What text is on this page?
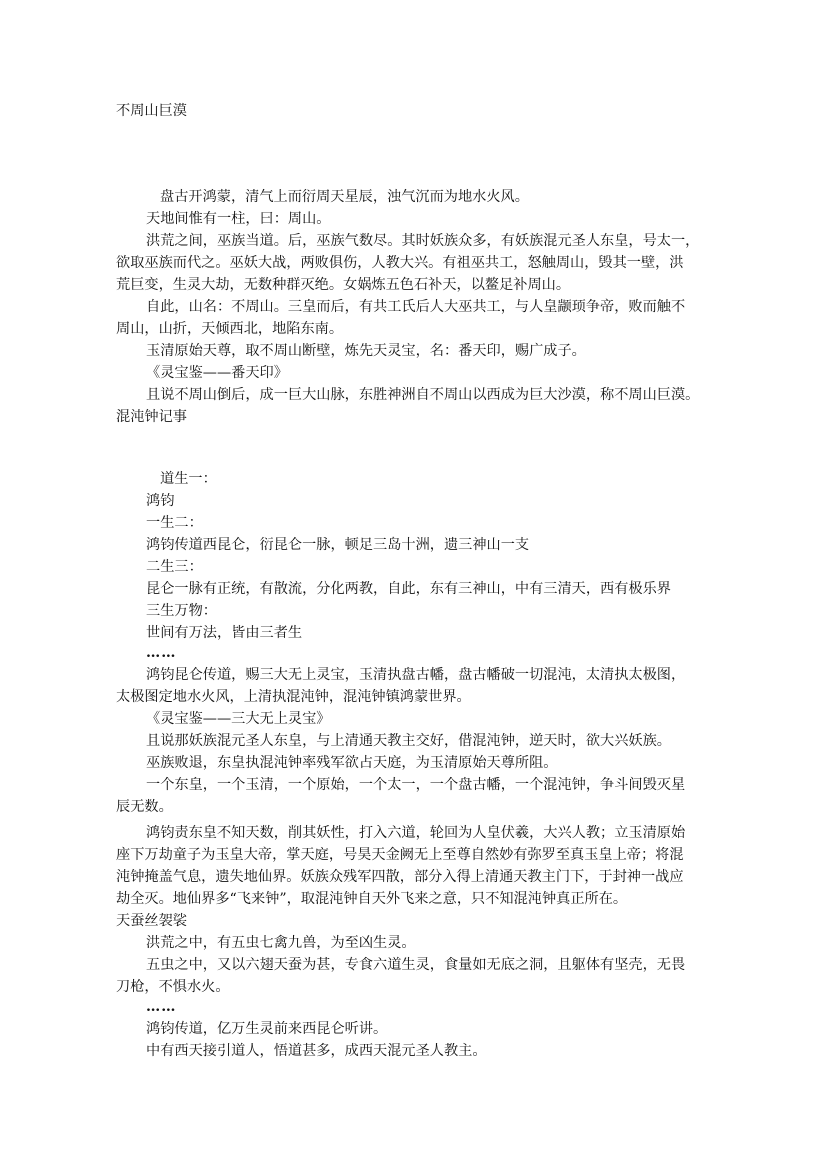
不周山巨漠
盘古开鸿蒙，清气上而衍周天星辰，浊气沉而为地水火风。
天地间惟有一柱，曰：周山。
洪荒之间，巫族当道。后，巫族气数尽。其时妖族众多，有妖族混元圣人东皇，号太一，
欲取巫族而代之。巫妖大战，两败俱伤，人教大兴。有祖巫共工，怒触周山，毁其一壁，洪
荒巨变，生灵大劫，无数种群灭绝。女娲炼五色石补天，以鳌足补周山。
自此，山名：不周山。三皇而后，有共工氏后人大巫共工，与人皇颛顼争帝，败而触不
周山，山折，天倾西北，地陷东南。
玉清原始天尊，取不周山断壁，炼先天灵宝，名：番天印，赐广成子。
《灵宝鉴——番天印》
且说不周山倒后，成一巨大山脉，东胜神洲自不周山以西成为巨大沙漠，称不周山巨漠。
混沌钟记事
道生一：
鸿钧
一生二：
鸿钧传道西昆仑，衍昆仑一脉，顿足三岛十洲，遗三神山一支
二生三：
昆仑一脉有正统，有散流，分化两教，自此，东有三神山，中有三清天，西有极乐界
三生万物：
世间有万法，皆由三者生
……
鸿钧昆仑传道，赐三大无上灵宝，玉清执盘古幡，盘古幡破一切混沌，太清执太极图，
太极图定地水火风，上清执混沌钟，混沌钟镇鸿蒙世界。
《灵宝鉴——三大无上灵宝》
且说那妖族混元圣人东皇，与上清通天教主交好，借混沌钟，逆天时，欲大兴妖族。
巫族败退，东皇执混沌钟率残军欲占天庭，为玉清原始天尊所阻。
一个东皇，一个玉清，一个原始，一个太一，一个盘古幡，一个混沌钟，争斗间毁灭星
辰无数。
鸿钧责东皇不知天数，削其妖性，打入六道，轮回为人皇伏羲，大兴人教；立玉清原始
座下万劫童子为玉皇大帝，掌天庭，号昊天金阙无上至尊自然妙有弥罗至真玉皇上帝；将混
沌钟掩盖气息，遗失地仙界。妖族众残军四散，部分入得上清通天教主门下，于封神一战应
劫全灭。地仙界多“飞来钟”，取混沌钟自天外飞来之意，只不知混沌钟真正所在。
天蚕丝袈裟
洪荒之中，有五虫七禽九兽，为至凶生灵。
五虫之中，又以六翅天蚕为甚，专食六道生灵，食量如无底之洞，且躯体有坚壳，无畏
刀枪，不惧水火。
……
鸿钧传道，亿万生灵前来西昆仑听讲。
中有西天接引道人，悟道甚多，成西天混元圣人教主。
